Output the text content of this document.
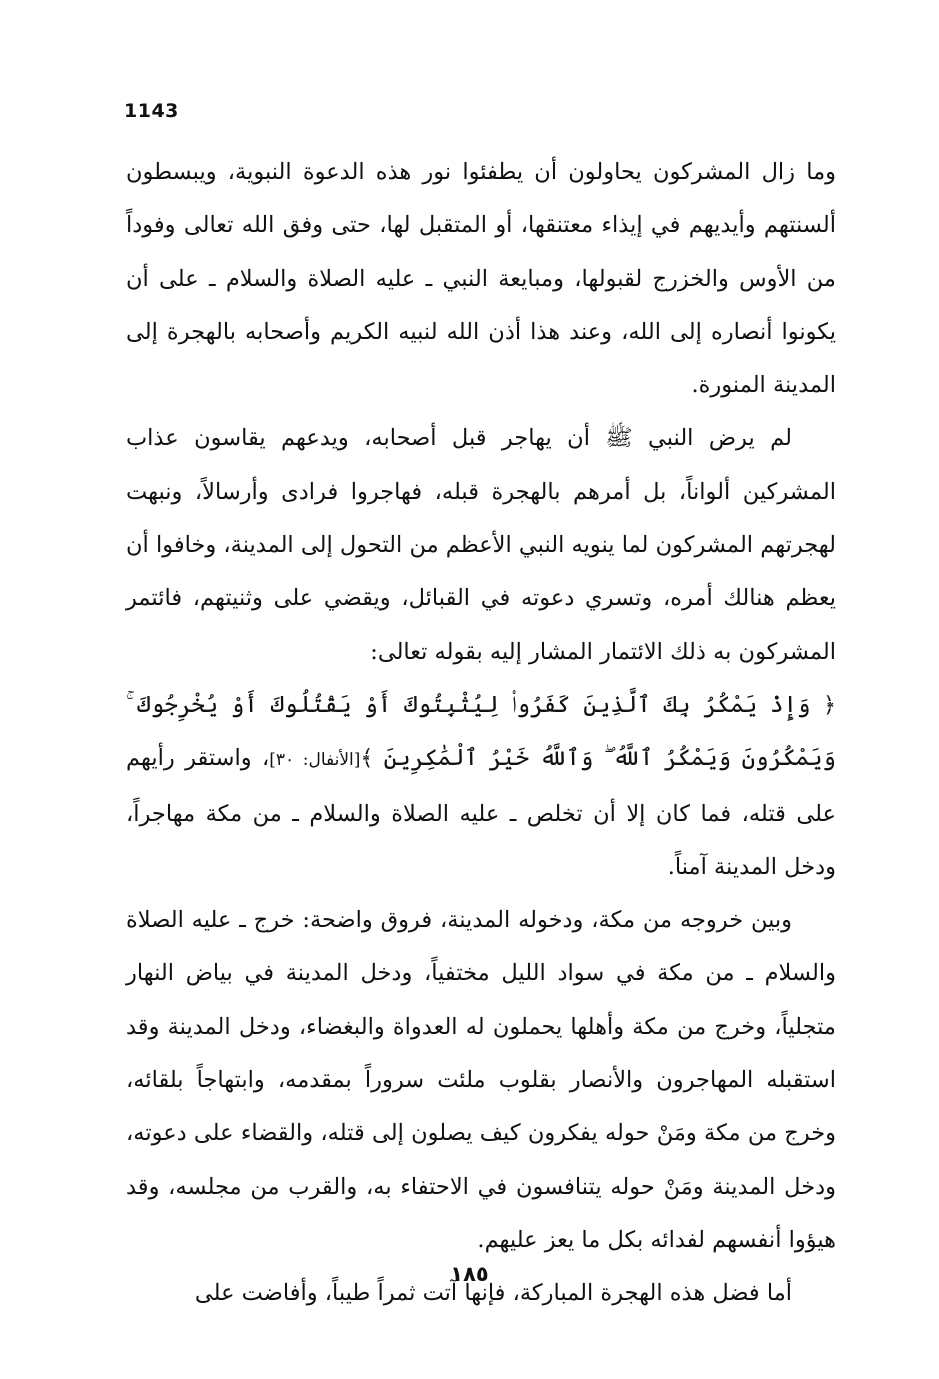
1143

وما زال المشركون يحاولون أن يطفئوا نور هذه الدعوة النبوية، ويبسطون ألسنتهم وأيديهم في إيذاء معتنقها، أو المتقبل لها، حتى وفق الله تعالى وفوداً من الأوس والخزرج لقبولها، ومبايعة النبي ـ عليه الصلاة والسلام ـ على أن يكونوا أنصاره إلى الله، وعند هذا أذن الله لنبيه الكريم وأصحابه بالهجرة إلى المدينة المنورة.

لم يرض النبي ﷺ أن يهاجر قبل أصحابه، ويدعهم يقاسون عذاب المشركين ألواناً، بل أمرهم بالهجرة قبله، فهاجروا فرادى وأرسالاً، ونبهت لهجرتهم المشركون لما ينويه النبي الأعظم من التحول إلى المدينة، وخافوا أن يعظم هنالك أمره، وتسري دعوته في القبائل، ويقضي على وثنيتهم، فائتمر المشركون به ذلك الائتمار المشار إليه بقوله تعالى:

﴿ وَإِذْ يَمْكُرُ بِكَ ٱلَّذِينَ كَفَرُوا۟ لِيُثْبِتُوكَ أَوْ يَقْتُلُوكَ أَوْ يُخْرِجُوكَ ۚ وَيَمْكُرُونَ وَيَمْكُرُ ٱللَّهُ ۖ وَٱللَّهُ خَيْرُ ٱلْمَٰكِرِينَ ﴾[الأنفال: ٣٠]، واستقر رأيهم على قتله، فما كان إلا أن تخلص ـ عليه الصلاة والسلام ـ من مكة مهاجراً، ودخل المدينة آمناً.

وبين خروجه من مكة، ودخوله المدينة، فروق واضحة: خرج ـ عليه الصلاة والسلام ـ من مكة في سواد الليل مختفياً، ودخل المدينة في بياض النهار متجلياً، وخرج من مكة وأهلها يحملون له العدواة والبغضاء، ودخل المدينة وقد استقبله المهاجرون والأنصار بقلوب ملئت سروراً بمقدمه، وابتهاجاً بلقائه، وخرج من مكة ومَنْ حوله يفكرون كيف يصلون إلى قتله، والقضاء على دعوته، ودخل المدينة ومَنْ حوله يتنافسون في الاحتفاء به، والقرب من مجلسه، وقد هيؤوا أنفسهم لفدائه بكل ما يعز عليهم.

أما فضل هذه الهجرة المباركة، فإنها آتت ثمراً طيباً، وأفاضت على

١٨٥
